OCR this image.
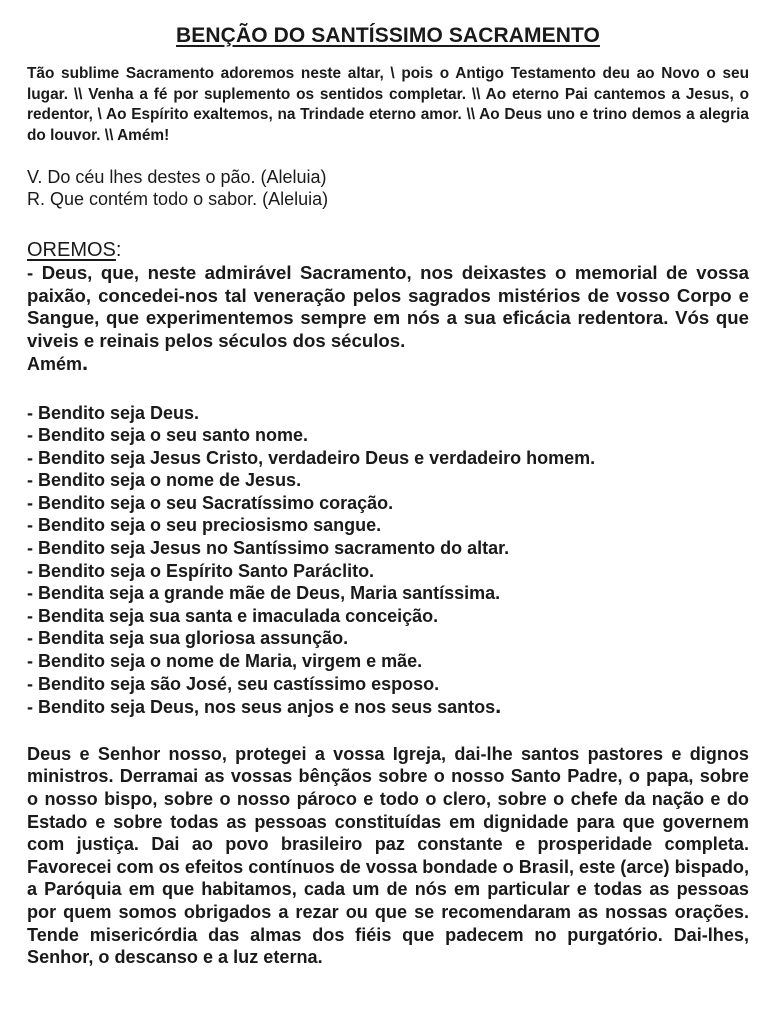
BENÇÃO DO SANTÍSSIMO SACRAMENTO

Tão sublime Sacramento adoremos neste altar, \ pois o Antigo Testamento deu ao Novo o seu lugar. \\ Venha a fé por suplemento os sentidos completar. \\ Ao eterno Pai cantemos a Jesus, o redentor, \ Ao Espírito exaltemos, na Trindade eterno amor. \\ Ao Deus uno e trino demos a alegria do louvor. \\ Amém!

V. Do céu lhes destes o pão. (Aleluia)
R. Que contém todo o sabor. (Aleluia)
OREMOS:

- Deus, que, neste admirável Sacramento, nos deixastes o memorial de vossa paixão, concedei-nos tal veneração pelos sagrados mistérios de vosso Corpo e Sangue, que experimentemos sempre em nós a sua eficácia redentora. Vós que viveis e reinais pelos séculos dos séculos.
Amém.

- Bendito seja Deus.
- Bendito seja o seu santo nome.
- Bendito seja Jesus Cristo, verdadeiro Deus e verdadeiro homem.
- Bendito seja o nome de Jesus.
- Bendito seja o seu Sacratíssimo coração.
- Bendito seja o seu preciosismo sangue.
- Bendito seja Jesus no Santíssimo sacramento do altar.
- Bendito seja o Espírito Santo Paráclito.
- Bendita seja a grande mãe de Deus, Maria santíssima.
- Bendita seja sua santa e imaculada conceição.
- Bendita seja sua gloriosa assunção.
- Bendito seja o nome de Maria, virgem e mãe.
- Bendito seja são José, seu castíssimo esposo.
- Bendito seja Deus, nos seus anjos e nos seus santos.

Deus e Senhor nosso, protegei a vossa Igreja, dai-lhe santos pastores e dignos ministros. Derramai as vossas bênçãos sobre o nosso Santo Padre, o papa, sobre o nosso bispo, sobre o nosso pároco e todo o clero, sobre o chefe da nação e do Estado e sobre todas as pessoas constituídas em dignidade para que governem com justiça. Dai ao povo brasileiro paz constante e prosperidade completa. Favorecei com os efeitos contínuos de vossa bondade o Brasil, este (arce) bispado, a Paróquia em que habitamos, cada um de nós em particular e todas as pessoas por quem somos obrigados a rezar ou que se recomendaram as nossas orações. Tende misericórdia das almas dos fiéis que padecem no purgatório. Dai-lhes, Senhor, o descanso e a luz eterna.
